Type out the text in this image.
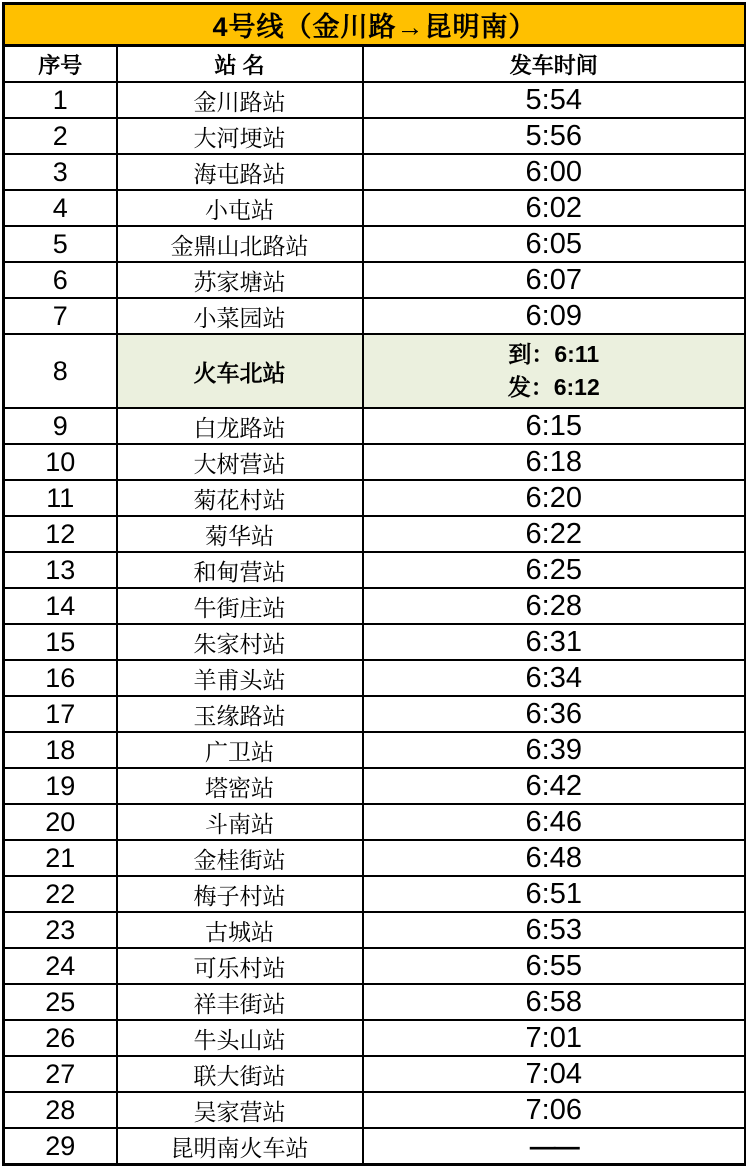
4号线（金川路→昆明南）		
序号	站 名	发车时间
1	金川路站	5:54
2	大河埂站	5:56
3	海屯路站	6:00
4	小屯站	6:02
5	金鼎山北路站	6:05
6	苏家塘站	6:07
7	小菜园站	6:09
8	火车北站	到：6:11
发：6:12

9	白龙路站	6:15
10	大树营站	6:18
11	菊花村站	6:20
12	菊华站	6:22
13	和甸营站	6:25
14	牛街庄站	6:28
15	朱家村站	6:31
16	羊甫头站	6:34
17	玉缘路站	6:36
18	广卫站	6:39
19	塔密站	6:42
20	斗南站	6:46
21	金桂街站	6:48
22	梅子村站	6:51
23	古城站	6:53
24	可乐村站	6:55
25	祥丰街站	6:58
26	牛头山站	7:01
27	联大街站	7:04
28	吴家营站	7:06
29	昆明南火车站	——
